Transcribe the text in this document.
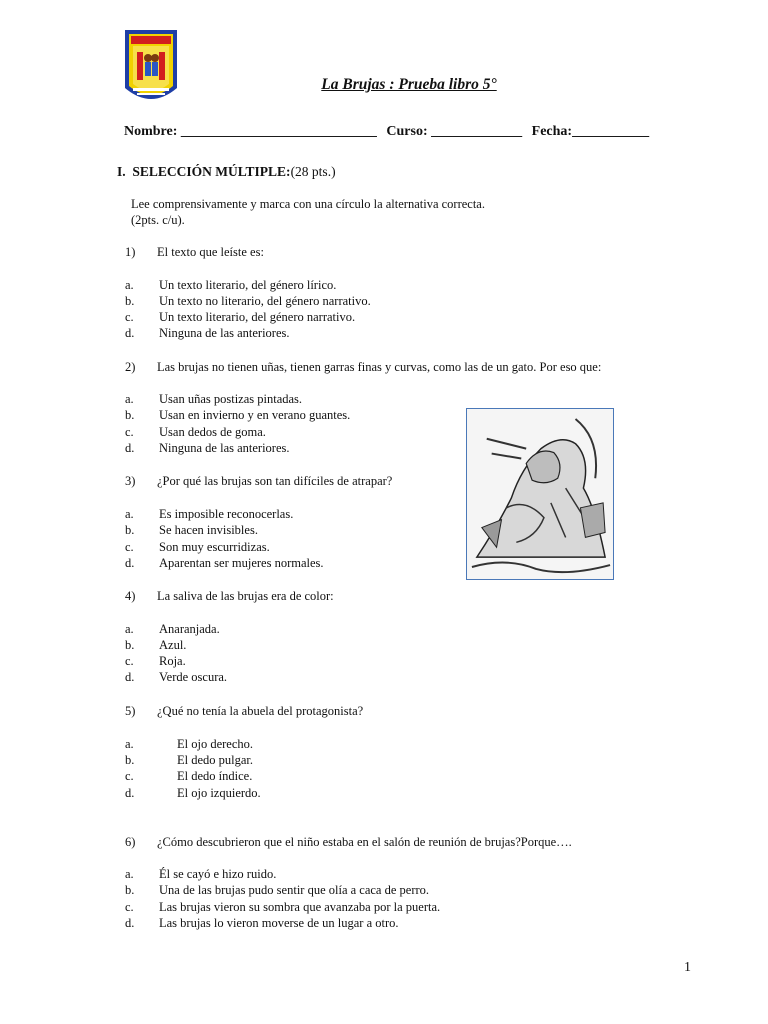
La Brujas : Prueba libro 5°
Nombre: ____________________________ Curso: _____________ Fecha:___________
I. SELECCIÓN MÚLTIPLE:(28 pts.)
Lee comprensivamente y marca con una círculo la alternativa correcta.
(2pts. c/u).
1) El texto que leíste es:
a. Un texto literario, del género lírico.
b. Un texto no literario, del género narrativo.
c. Un texto literario, del género narrativo.
d. Ninguna de las anteriores.
2) Las brujas no tienen uñas, tienen garras finas y curvas, como las de un gato. Por eso que:
a. Usan uñas postizas pintadas.
b. Usan en invierno y en verano guantes.
c. Usan dedos de goma.
d. Ninguna de las anteriores.
3) ¿Por qué las brujas son tan difíciles de atrapar?
a. Es imposible reconocerlas.
b. Se hacen invisibles.
c. Son muy escurridizas.
d. Aparentan ser mujeres normales.
4) La saliva de las brujas era de color:
a. Anaranjada.
b. Azul.
c. Roja.
d. Verde oscura.
5) ¿Qué no tenía la abuela del protagonista?
a.	El ojo derecho.
b.	El dedo pulgar.
c.	El dedo índice.
d.	El ojo izquierdo.
6) ¿Cómo descubrieron que el niño estaba en el salón de reunión de brujas?Porque….
a. Él se cayó e hizo ruido.
b. Una de las brujas pudo sentir que olía a caca de perro.
c. Las brujas vieron su sombra que avanzaba por la puerta.
d. Las brujas lo vieron moverse de un lugar a otro.
1
